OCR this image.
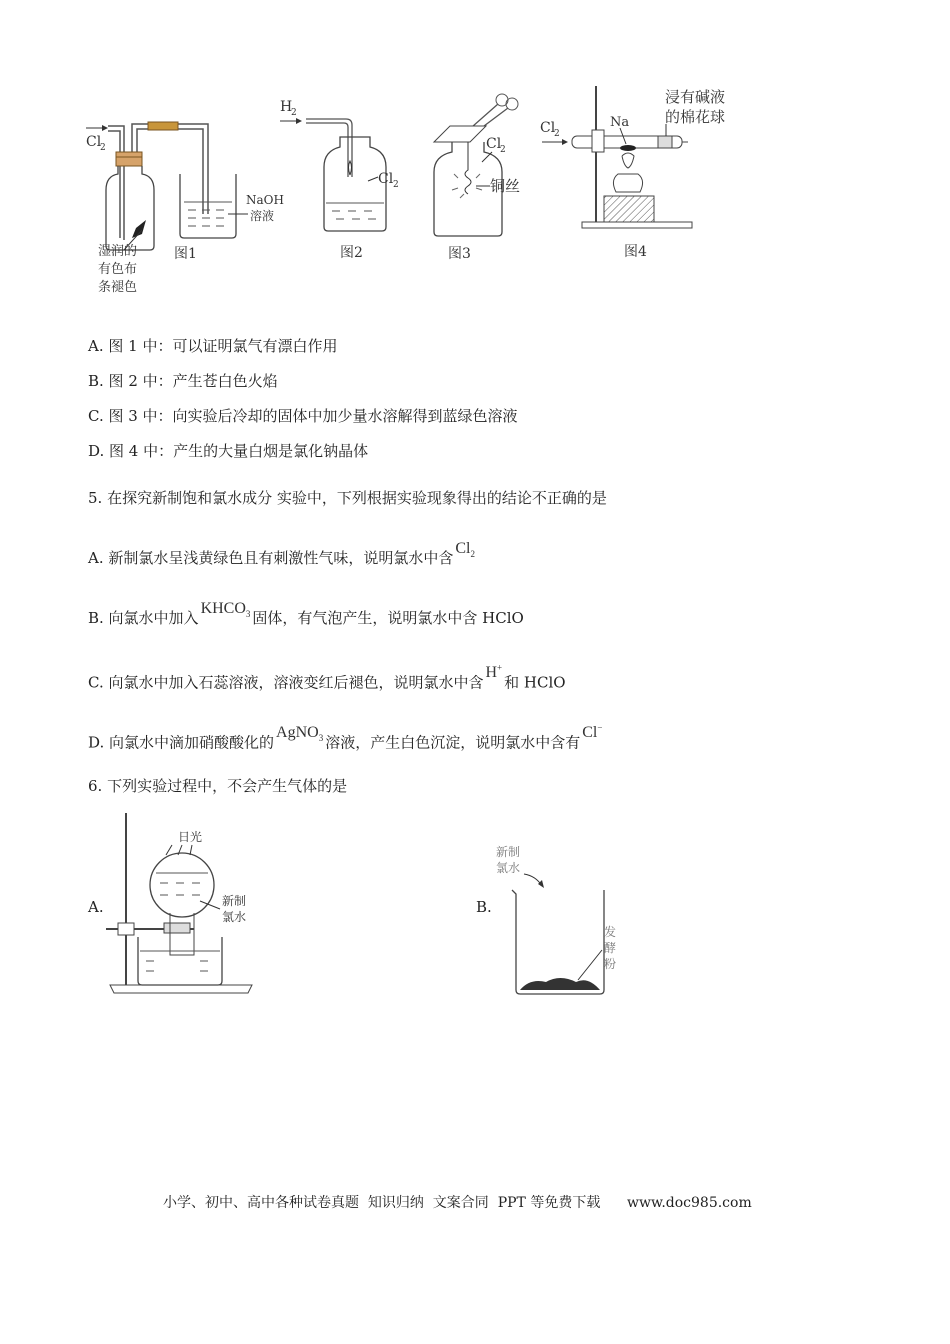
Cl
2
NaOH
溶液
湿润的
有色布
条褪色
图1
H
2
Cl 2
图2
Cl
2
铜丝
图3
浸有碱液
的棉花球
Cl
2
Na
图4
A. 图 1 中：可以证明氯气有漂白作用
B. 图 2 中：产生苍白色火焰
C. 图 3 中：向实验后冷却的固体中加少量水溶解得到蓝绿色溶液
D. 图 4 中：产生的大量白烟是氯化钠晶体
5. 在探究新制饱和氯水成分 实验中，下列根据实验现象得出的结论不正确的是
A. 新制氯水呈浅黄绿色且有刺激性气味，说明氯水中含$Cl_2$
B. 向氯水中加入$KHCO_3$ 固体，有气泡产生，说明氯水中含 HClO
C. 向氯水中加入石蕊溶液，溶液变红后褪色，说明氯水中含H+和 HClO
D. 向氯水中滴加硝酸酸化的AgNO$_3$ 溶液，产生白色沉淀，说明氯水中含有Cl−
6. 下列实验过程中，不会产生气体的是
A.
日光
新制
氯水
B.
新制
氯水
发
酵
粉
小学、初中、高中各种试卷真题  知识归纳  文案合同  PPT 等免费下载      www.doc985.com
